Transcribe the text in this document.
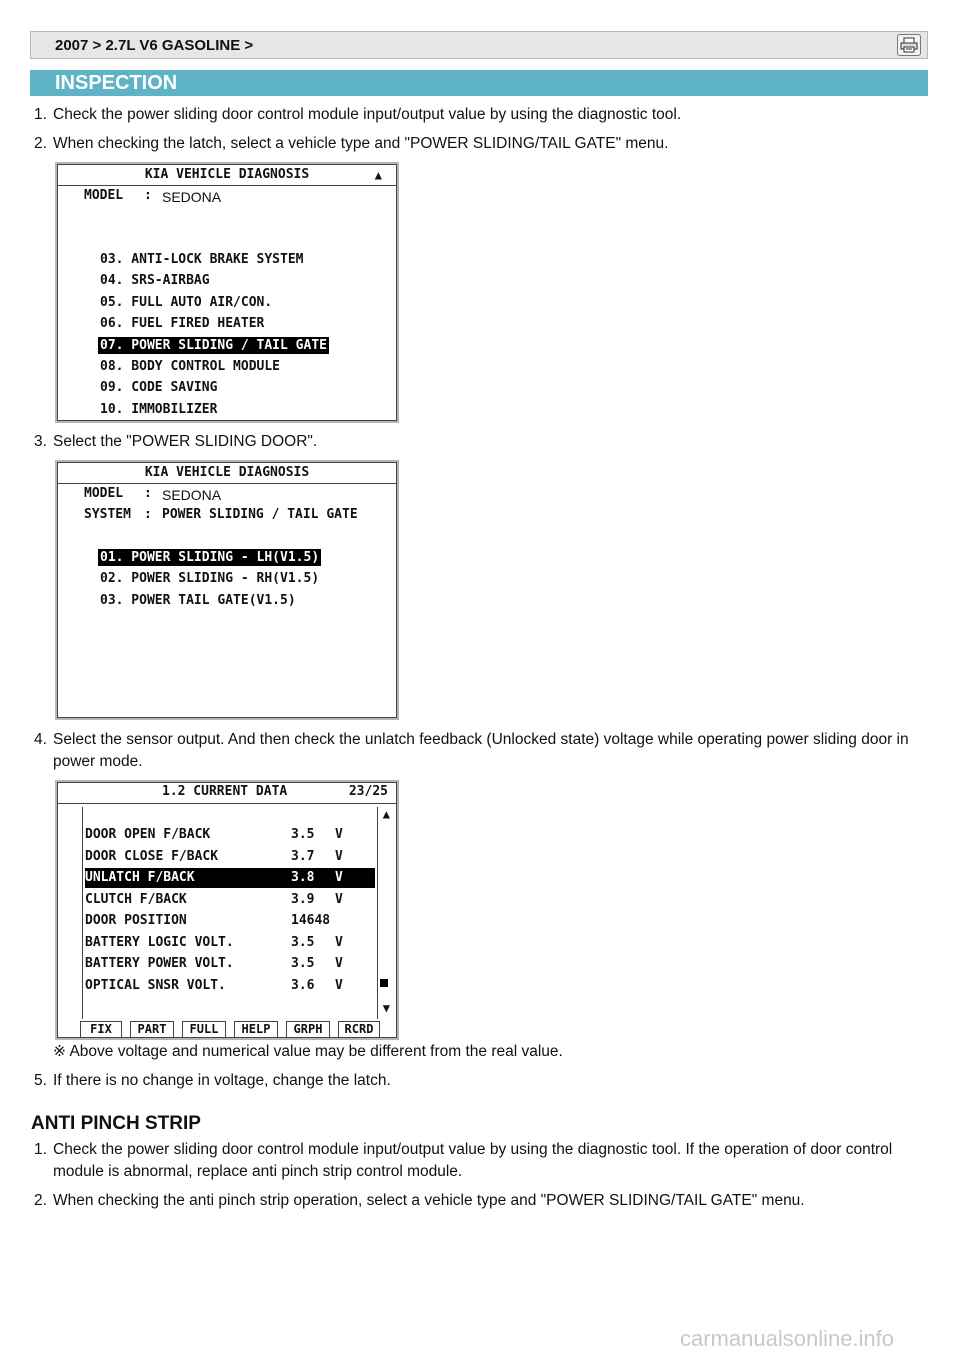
2007 > 2.7L V6 GASOLINE >
INSPECTION
1. Check the power sliding door control module input/output value by using the diagnostic tool.
2. When checking the latch, select a vehicle type and "POWER SLIDING/TAIL GATE" menu.
KIA VEHICLE DIAGNOSIS	▲
MODEL : SEDONA
03. ANTI-LOCK BRAKE SYSTEM
04. SRS-AIRBAG
05. FULL AUTO AIR/CON.
06. FUEL FIRED HEATER
07. POWER SLIDING / TAIL GATE
08. BODY CONTROL MODULE
09. CODE SAVING
10. IMMOBILIZER
3. Select the "POWER SLIDING DOOR".
KIA VEHICLE DIAGNOSIS
MODEL : SEDONA
SYSTEM : POWER SLIDING / TAIL GATE
01. POWER SLIDING - LH(V1.5)
02. POWER SLIDING - RH(V1.5)
03. POWER TAIL GATE(V1.5)
4. Select the sensor output. And then check the unlatch feedback (Unlocked state) voltage while operating power sliding door in power mode.
1.2 CURRENT DATA	23/25
DOOR OPEN F/BACK	3.5 V
DOOR CLOSE F/BACK	3.7 V
UNLATCH F/BACK	3.8 V
CLUTCH F/BACK	3.9 V
DOOR POSITION	14648
BATTERY LOGIC VOLT.	3.5 V
BATTERY POWER VOLT.	3.5 V
OPTICAL SNSR VOLT.	3.6 V
▲
▼
FIX	PART	FULL	HELP	GRPH	RCRD
※ Above voltage and numerical value may be different from the real value.
5. If there is no change in voltage, change the latch.
ANTI PINCH STRIP
1. Check the power sliding door control module input/output value by using the diagnostic tool. If the operation of door control module is abnormal, replace anti pinch strip control module.
2. When checking the anti pinch strip operation, select a vehicle type and "POWER SLIDING/TAIL GATE" menu.
carmanualsonline.info
